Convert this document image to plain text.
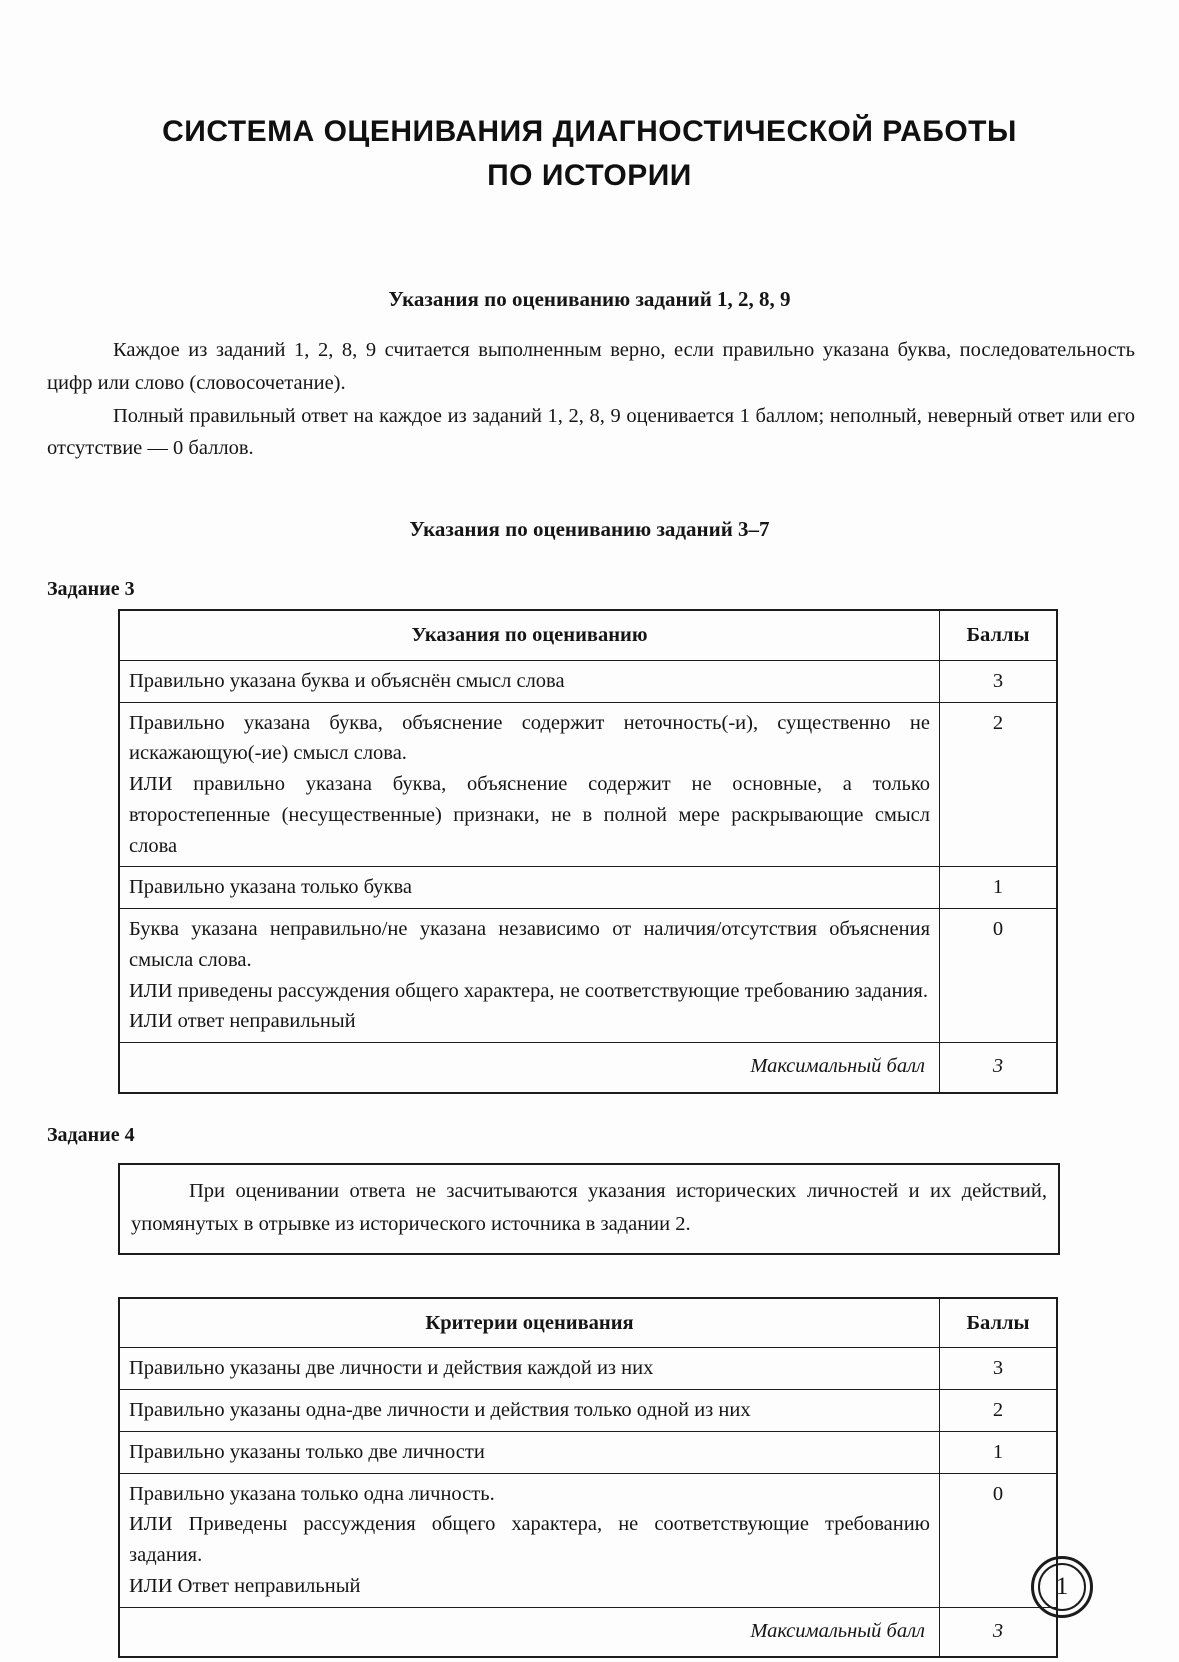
СИСТЕМА ОЦЕНИВАНИЯ ДИАГНОСТИЧЕСКОЙ РАБОТЫ
ПО ИСТОРИИ
Указания по оцениванию заданий 1, 2, 8, 9

Каждое из заданий 1, 2, 8, 9 считается выполненным верно, если правильно указана буква, последовательность цифр или слово (словосочетание).

Полный правильный ответ на каждое из заданий 1, 2, 8, 9 оценивается 1 баллом; неполный, неверный ответ или его отсутствие — 0 баллов.

Указания по оцениванию заданий 3–7

Задание 3

Указания по оцениванию	Баллы

Правильно указана буква и объяснён смысл слова	3

Правильно указана буква, объяснение содержит неточность(-и), существенно не искажающую(-ие) смысл слова.

ИЛИ правильно указана буква, объяснение содержит не основные, а только второстепенные (несущественные) признаки, не в полной мере раскрывающие смысл слова	2

Правильно указана только буква	1

Буква указана неправильно/не указана независимо от наличия/отсутствия объяснения смысла слова.

ИЛИ приведены рассуждения общего характера, не соответствующие требованию задания.

ИЛИ ответ неправильный	0
Максимальный балл	3

Задание 4

При оценивании ответа не засчитываются указания исторических личностей и их действий, упомянутых в отрывке из исторического источника в задании 2.
Критерии оценивания	Баллы

Правильно указаны две личности и действия каждой из них	3

Правильно указаны одна-две личности и действия только одной из них	2

Правильно указаны только две личности	1

Правильно указана только одна личность.

ИЛИ Приведены рассуждения общего характера, не соответствующие требованию задания.

ИЛИ Ответ неправильный	0
Максимальный балл	3
1
